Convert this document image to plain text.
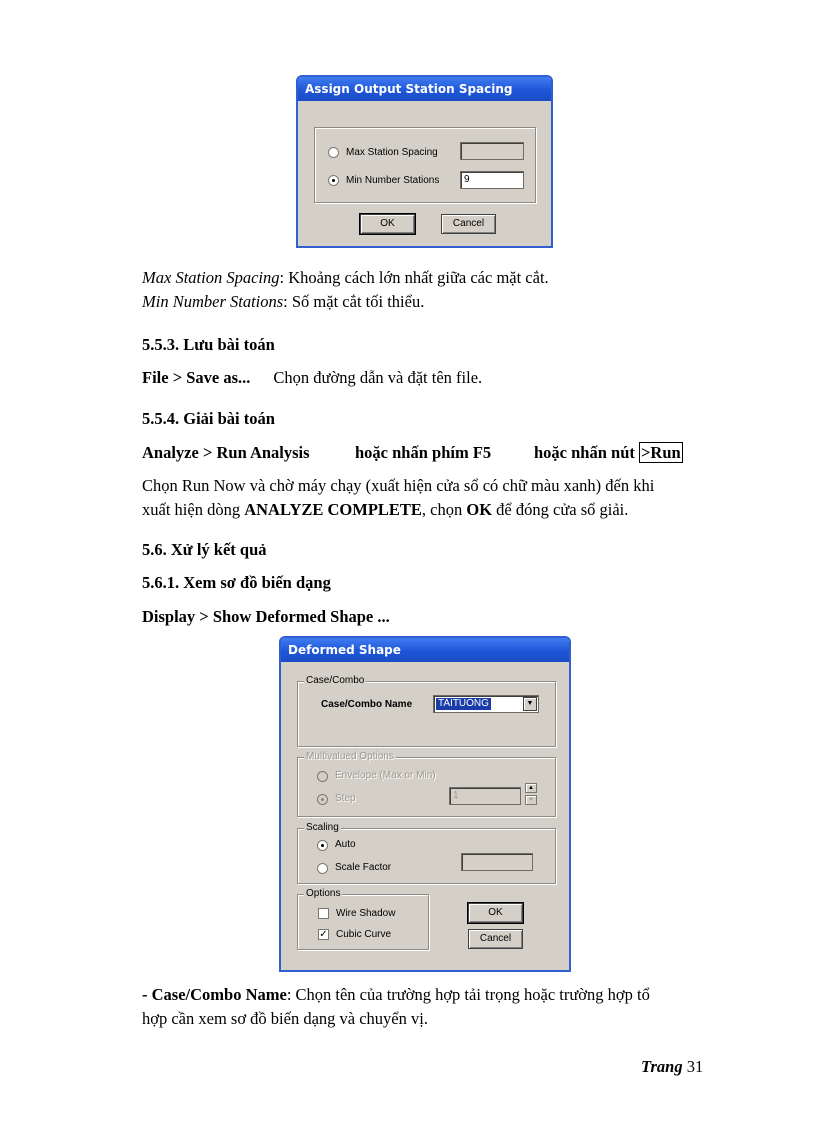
Assign Output Station Spacing
Max Station Spacing
Min Number Stations	9
OK	Cancel
Max Station Spacing: Khoảng cách lớn nhất giữa các mặt cắt.
Min Number Stations: Số mặt cắt tối thiểu.
5.5.3. Lưu bài toán
File > Save as... Chọn đường dẫn và đặt tên file.
5.5.4. Giải bài toán
Analyze > Run Analysis	hoặc nhấn phím F5	hoặc nhấn nút >Run
Chọn Run Now và chờ máy chạy (xuất hiện cửa sổ có chữ màu xanh) đến khi
xuất hiện dòng ANALYZE COMPLETE, chọn OK để đóng cửa sổ giải.
5.6. Xử lý kết quả
5.6.1. Xem sơ đồ biến dạng
Display > Show Deformed Shape ...
Deformed Shape
Case/Combo
Case/Combo Name	TAITUONG	▼
Multivalued Options
Envelope (Max or Min)
Step	1
▲
▼
Scaling
Auto
Scale Factor
Options
Wire Shadow
✓ Cubic Curve
OK
Cancel
- Case/Combo Name: Chọn tên của trường hợp tải trọng hoặc trường hợp tổ
hợp cần xem sơ đồ biến dạng và chuyển vị.
Trang 31
